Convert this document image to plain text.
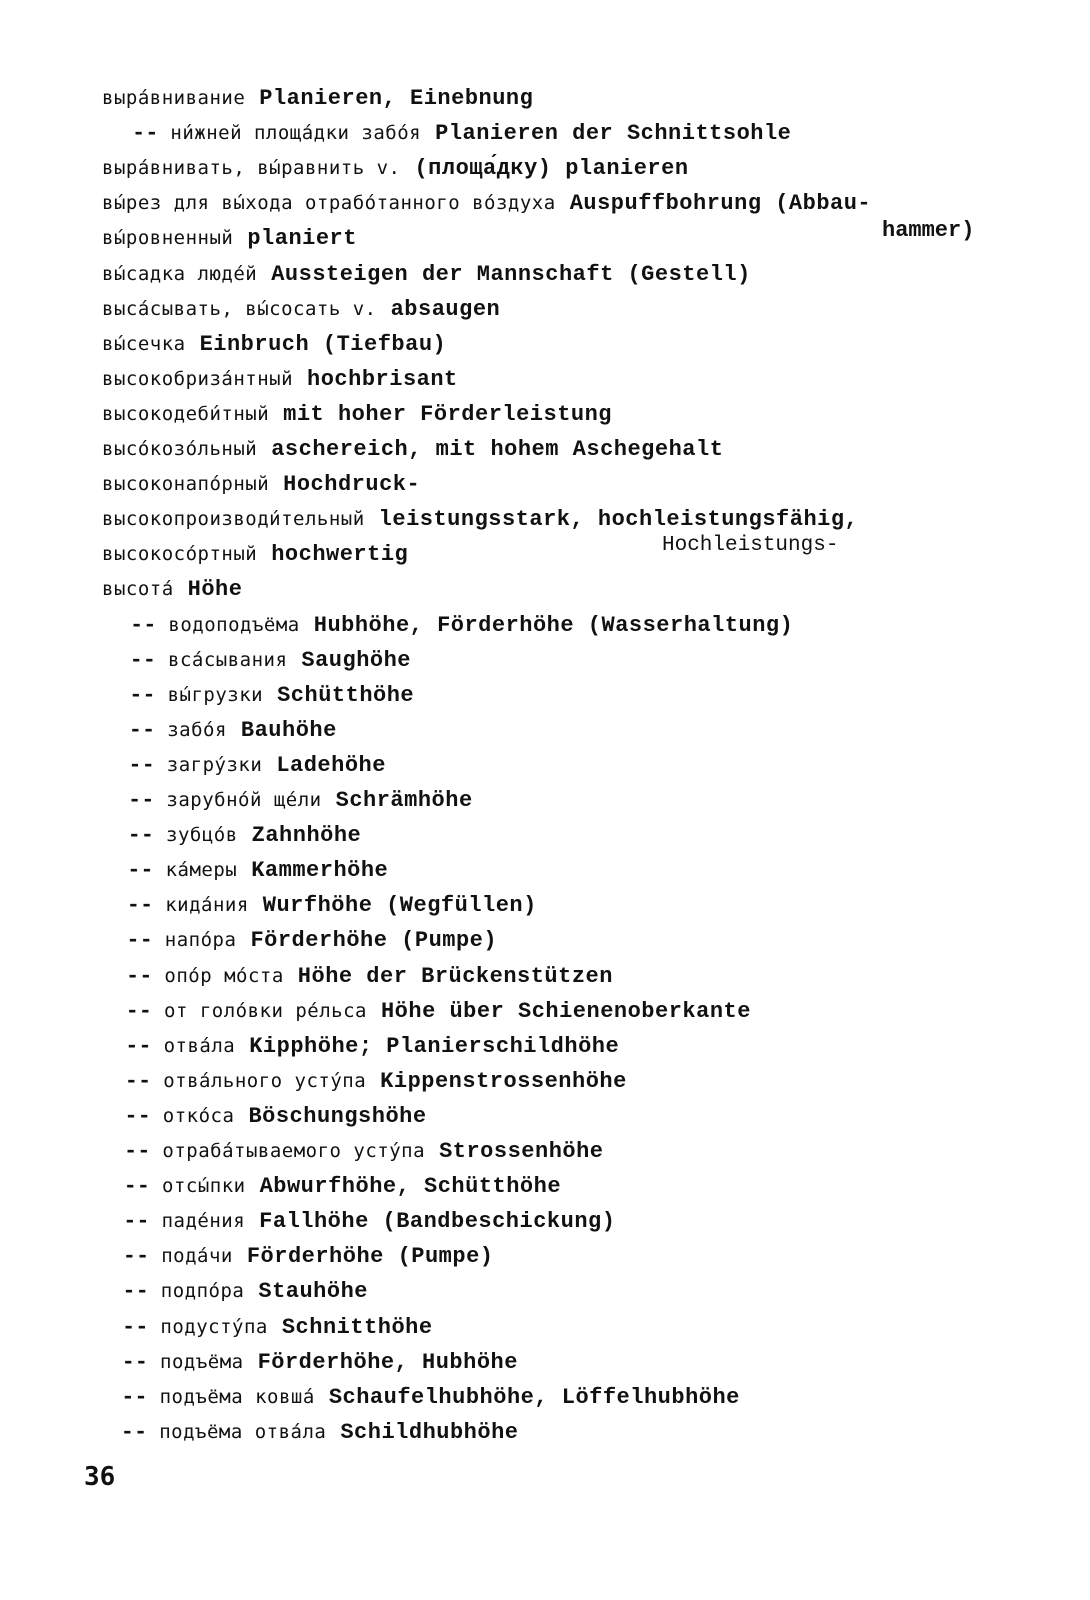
выра́внивание Planieren, Einebnung
-- ни́жней площа́дки забо́я Planieren der Schnittsohle
выра́внивать, вы́равнить v. (площа́дку) planieren
вы́рез для вы́хода отрабо́танного во́здуха Auspuffbohrung (Abbau-
вы́ровненный planiert
вы́садка люде́й Aussteigen der Mannschaft (Gestell)
выса́сывать, вы́сосать v. absaugen
вы́сечка Einbruch (Tiefbau)
высокобриза́нтный hochbrisant
высокодеби́тный mit hoher Förderleistung
высо́козо́льный aschereich, mit hohem Aschegehalt
высоконапо́рный Hochdruck-
высокопроизводи́тельный leistungsstark, hochleistungsfähig,
высокосо́ртный hochwertig
высота́ Höhe
-- водоподъёма Hubhöhe, Förderhöhe (Wasserhaltung)
-- вса́сывания Saughöhe
-- вы́грузки Schütthöhe
-- забо́я Bauhöhe
-- загру́зки Ladehöhe
-- зарубно́й ще́ли Schrämhöhe
-- зубцо́в Zahnhöhe
-- ка́меры Kammerhöhe
-- кида́ния Wurfhöhe (Wegfüllen)
-- напо́ра Förderhöhe (Pumpe)
-- опо́р мо́ста Höhe der Brückenstützen
-- от голо́вки ре́льса Höhe über Schienenoberkante
-- отва́ла Kipphöhe; Planierschildhöhe
-- отва́льного усту́па Kippenstrossenhöhe
-- отко́са Böschungshöhe
-- отраба́тываемого усту́па Strossenhöhe
-- отсы́пки Abwurfhöhe, Schütthöhe
-- паде́ния Fallhöhe (Bandbeschickung)
-- пода́чи Förderhöhe (Pumpe)
-- подпо́ра Stauhöhe
-- подусту́па Schnitthöhe
-- подъёма Förderhöhe, Hubhöhe
-- подъёма ковша́ Schaufelhubhöhe, Löffelhubhöhe
-- подъёма отва́ла Schildhubhöhe
hammer)
Hochleistungs-
36
